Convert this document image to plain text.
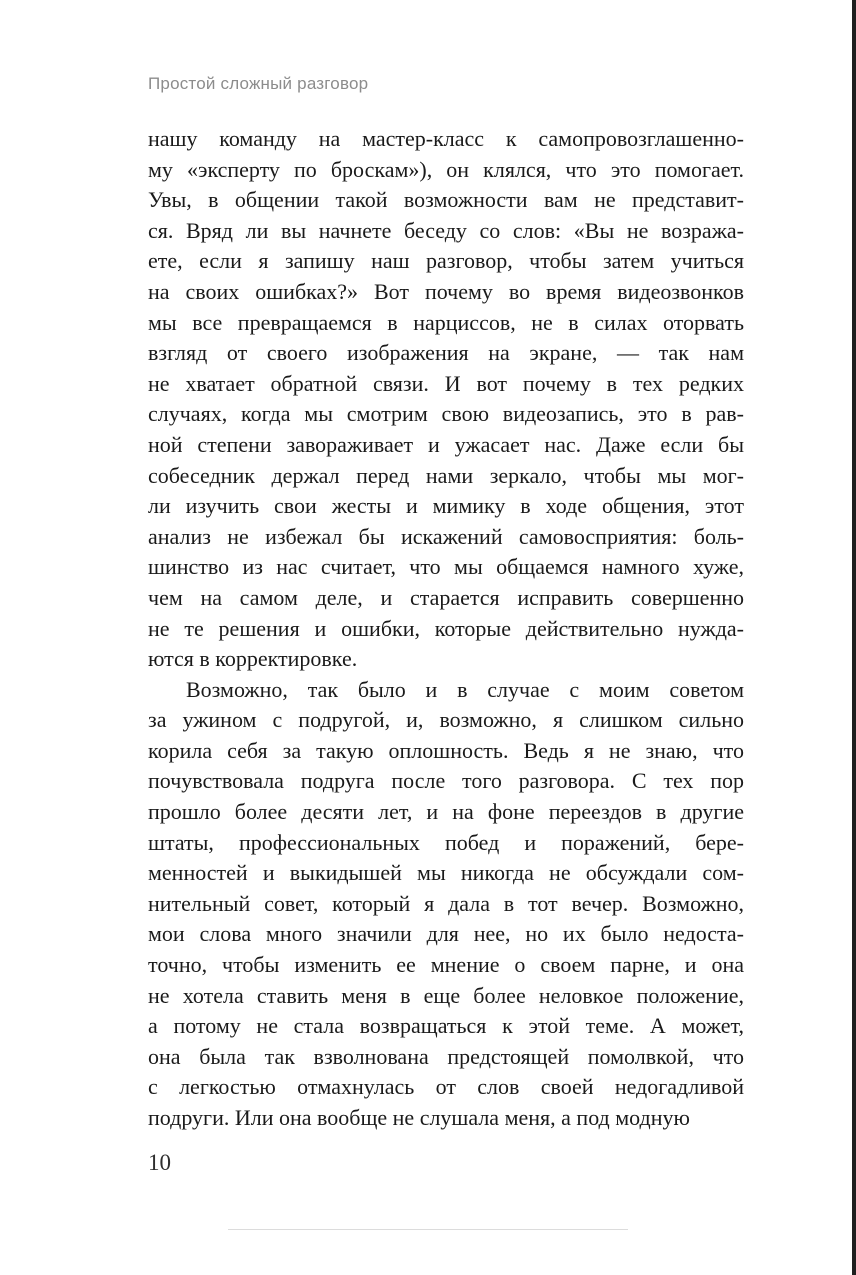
Простой сложный разговор
нашу команду на мастер-класс к самопровозглашенно-
му «эксперту по броскам»), он клялся, что это помогает.
Увы, в общении такой возможности вам не представит-
ся. Вряд ли вы начнете беседу со слов: «Вы не возража-
ете, если я запишу наш разговор, чтобы затем учиться
на своих ошибках?» Вот почему во время видеозвонков
мы все превращаемся в нарциссов, не в силах оторвать
взгляд от своего изображения на экране, — так нам
не хватает обратной связи. И вот почему в тех редких
случаях, когда мы смотрим свою видеозапись, это в рав-
ной степени завораживает и ужасает нас. Даже если бы
собеседник держал перед нами зеркало, чтобы мы мог-
ли изучить свои жесты и мимику в ходе общения, этот
анализ не избежал бы искажений самовосприятия: боль-
шинство из нас считает, что мы общаемся намного хуже,
чем на самом деле, и старается исправить совершенно
не те решения и ошибки, которые действительно нужда-
ются в корректировке.
Возможно, так было и в случае с моим советом
за ужином с подругой, и, возможно, я слишком сильно
корила себя за такую оплошность. Ведь я не знаю, что
почувствовала подруга после того разговора. С тех пор
прошло более десяти лет, и на фоне переездов в другие
штаты, профессиональных побед и поражений, бере-
менностей и выкидышей мы никогда не обсуждали сом-
нительный совет, который я дала в тот вечер. Возможно,
мои слова много значили для нее, но их было недоста-
точно, чтобы изменить ее мнение о своем парне, и она
не хотела ставить меня в еще более неловкое положение,
а потому не стала возвращаться к этой теме. А может,
она была так взволнована предстоящей помолвкой, что
с легкостью отмахнулась от слов своей недогадливой
подруги. Или она вообще не слушала меня, а под модную
10
